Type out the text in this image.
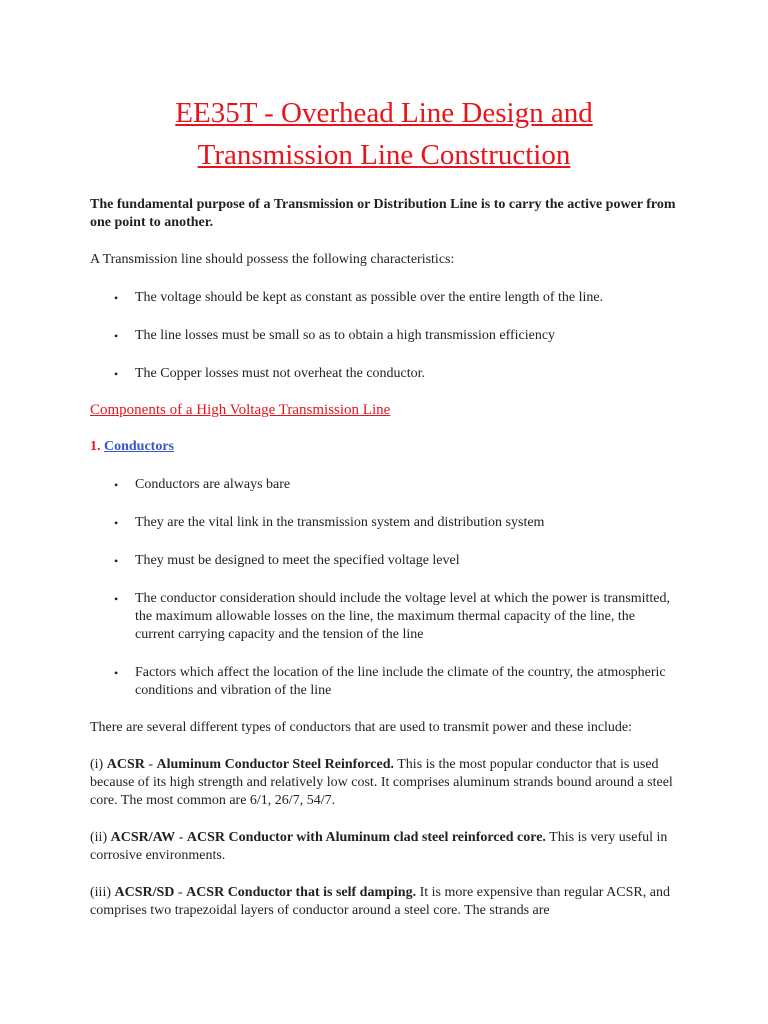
EE35T - Overhead Line Design and
Transmission Line Construction

The fundamental purpose of a Transmission or Distribution Line is to carry the active power from one point to another.

A Transmission line should possess the following characteristics:

• The voltage should be kept as constant as possible over the entire length of the line.
• The line losses must be small so as to obtain a high transmission efficiency
• The Copper losses must not overheat the conductor.
Components of a High Voltage Transmission Line
1. Conductors
• Conductors are always bare
• They are the vital link in the transmission system and distribution system
• They must be designed to meet the specified voltage level
• The conductor consideration should include the voltage level at which the power is transmitted, the maximum allowable losses on the line, the maximum thermal capacity of the line, the current carrying capacity and the tension of the line
• Factors which affect the location of the line include the climate of the country, the atmospheric conditions and vibration of the line

There are several different types of conductors that are used to transmit power and these include:

(i) ACSR - Aluminum Conductor Steel Reinforced. This is the most popular conductor that is used because of its high strength and relatively low cost. It comprises aluminum strands bound around a steel core. The most common are 6/1, 26/7, 54/7.

(ii) ACSR/AW - ACSR Conductor with Aluminum clad steel reinforced core. This is very useful in corrosive environments.

(iii) ACSR/SD - ACSR Conductor that is self damping. It is more expensive than regular ACSR, and comprises two trapezoidal layers of conductor around a steel core. The strands are
